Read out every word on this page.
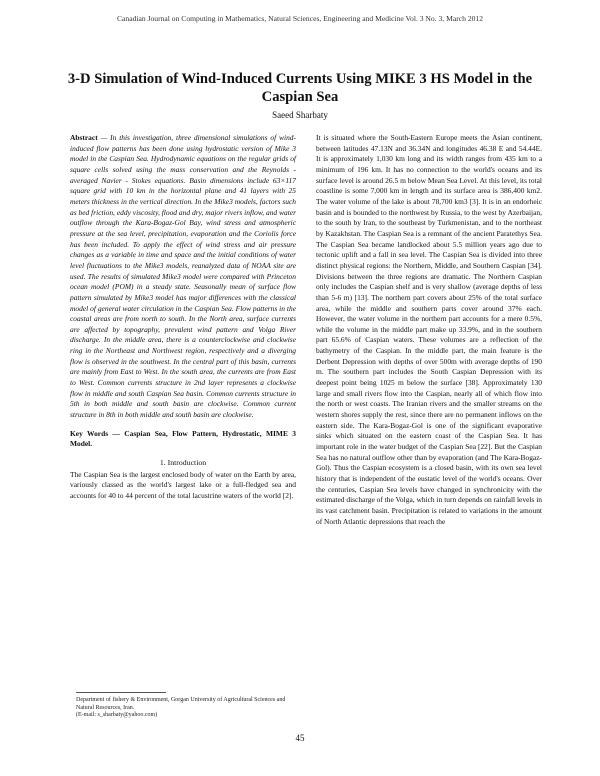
Canadian Journal on Computing in Mathematics, Natural Sciences, Engineering and Medicine Vol. 3 No. 3, March 2012
3-D Simulation of Wind-Induced Currents Using MIKE 3 HS Model in the Caspian Sea
Saeed Sharbaty

Abstract — In this investigation, three dimensional simulations of wind-induced flow patterns has been done using hydrostatic version of Mike 3 model in the Caspian Sea. Hydrodynamic equations on the regular grids of square cells solved using the mass conservation and the Reynolds - averaged Navier - Stokes equations. Basin dimensions include 63×117 square grid with 10 km in the horizontal plane and 41 layers with 25 meters thickness in the vertical direction. In the Mike3 models, factors such as bed friction, eddy viscosity, flood and dry, major rivers inflow, and water outflow through the Kara-Bogaz-Gol Bay, wind stress and atmospheric pressure at the sea level, precipitation, evaporation and the Coriolis force has been included. To apply the effect of wind stress and air pressure changes as a variable in time and space and the initial conditions of water level fluctuations to the Mike3 models, reanalyzed data of NOAA site are used. The results of simulated Mike3 model were compared with Princeton ocean model (POM) in a steady state. Seasonally mean of surface flow pattern simulated by Mike3 model has major differences with the classical model of general water circulation in the Caspian Sea. Flow patterns in the coastal areas are from north to south. In the North area, surface currents are affected by topography, prevalent wind pattern and Volga River discharge. In the middle area, there is a counterclockwise and clockwise ring in the Northeast and Northwest region, respectively and a diverging flow is observed in the southwest. In the central part of this basin, currents are mainly from East to West. In the south area, the currents are from East to West. Common currents structure in 2nd layer represents a clockwise flow in middle and south Caspian Sea basin. Common currents structure in 5th in both middle and south basin are clockwise. Common current structure in 8th in both middle and south basin are clockwise.

Key Words — Caspian Sea, Flow Pattern, Hydrostatic, MIME 3 Model.

1. Introduction

The Caspian Sea is the largest enclosed body of water on the Earth by area, variously classed as the world's largest lake or a full-fledged sea and accounts for 40 to 44 percent of the total lacustrine waters of the world [2].

It is situated where the South-Eastern Europe meets the Asian continent, between latitudes 47.13N and 36.34N and longitudes 46.38 E and 54.44E. It is approximately 1,030 km long and its width ranges from 435 km to a minimum of 196 km. It has no connection to the world's oceans and its surface level is around 26.5 m below Mean Sea Level. At this level, its total coastline is some 7,000 km in length and its surface area is 386,400 km2. The water volume of the lake is about 78,700 km3 [3]. It is in an endorheic basin and is bounded to the northwest by Russia, to the west by Azerbaijan, to the south by Iran, to the southeast by Turkmenistan, and to the northeast by Kazakhstan. The Caspian Sea is a remnant of the ancient Paratethys Sea. The Caspian Sea became landlocked about 5.5 million years ago due to tectonic uplift and a fall in sea level. The Caspian Sea is divided into three distinct physical regions: the Northern, Middle, and Southern Caspian [34]. Divisions between the three regions are dramatic. The Northern Caspian only includes the Caspian shelf and is very shallow (average depths of less than 5-6 m) [13]. The northern part covers about 25% of the total surface area, while the middle and southern parts cover around 37% each. However, the water volume in the northern part accounts for a mere 0.5%, while the volume in the middle part make up 33.9%, and in the southern part 65.6% of Caspian waters. These volumes are a reflection of the bathymetry of the Caspian. In the middle part, the main feature is the Derbent Depression with depths of over 500m with average depths of 190 m. The southern part includes the South Caspian Depression with its deepest point being 1025 m below the surface [38]. Approximately 130 large and small rivers flow into the Caspian, nearly all of which flow into the north or west coasts. The Iranian rivers and the smaller streams on the western shores supply the rest, since there are no permanent inflows on the eastern side. The Kara-Bogaz-Gol is one of the significant evaporative sinks which situated on the eastern coast of the Caspian Sea. It has important role in the water budget of the Caspian Sea [22]. But the Caspian Sea has no natural outflow other than by evaporation (and The Kara-Bogaz-Gol). Thus the Caspian ecosystem is a closed basin, with its own sea level history that is independent of the eustatic level of the world's oceans. Over the centuries, Caspian Sea levels have changed in synchronicity with the estimated discharge of the Volga, which in turn depends on rainfall levels in its vast catchment basin. Precipitation is related to variations in the amount of North Atlantic depressions that reach the

Department of fishery & Environment, Gorgan University of Agricultural Sciences and Natural Resources, Iran.

(E-mail: s_sharbaty@yahoo.com)

45
